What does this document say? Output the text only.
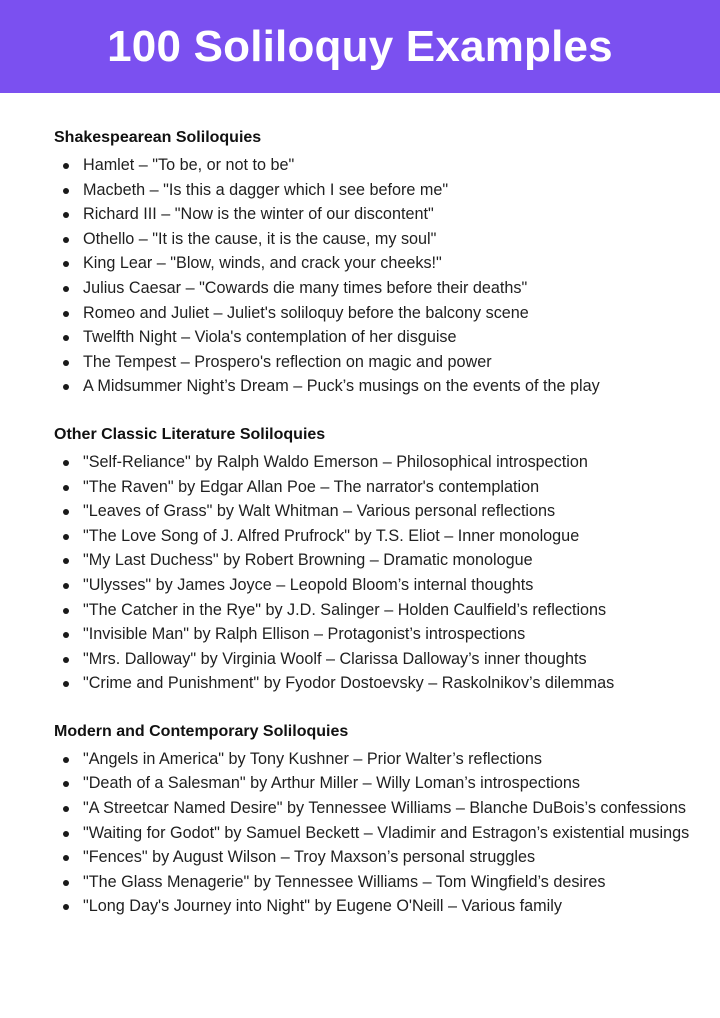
100 Soliloquy Examples
Shakespearean Soliloquies
Hamlet – "To be, or not to be"
Macbeth – "Is this a dagger which I see before me"
Richard III – "Now is the winter of our discontent"
Othello – "It is the cause, it is the cause, my soul"
King Lear – "Blow, winds, and crack your cheeks!"
Julius Caesar – "Cowards die many times before their deaths"
Romeo and Juliet – Juliet's soliloquy before the balcony scene
Twelfth Night – Viola's contemplation of her disguise
The Tempest – Prospero's reflection on magic and power
A Midsummer Night’s Dream – Puck’s musings on the events of the play
Other Classic Literature Soliloquies
"Self-Reliance" by Ralph Waldo Emerson – Philosophical introspection
"The Raven" by Edgar Allan Poe – The narrator's contemplation
"Leaves of Grass" by Walt Whitman – Various personal reflections
"The Love Song of J. Alfred Prufrock" by T.S. Eliot – Inner monologue
"My Last Duchess" by Robert Browning – Dramatic monologue
"Ulysses" by James Joyce – Leopold Bloom’s internal thoughts
"The Catcher in the Rye" by J.D. Salinger – Holden Caulfield’s reflections
"Invisible Man" by Ralph Ellison – Protagonist’s introspections
"Mrs. Dalloway" by Virginia Woolf – Clarissa Dalloway’s inner thoughts
"Crime and Punishment" by Fyodor Dostoevsky – Raskolnikov’s dilemmas
Modern and Contemporary Soliloquies
"Angels in America" by Tony Kushner – Prior Walter’s reflections
"Death of a Salesman" by Arthur Miller – Willy Loman’s introspections
"A Streetcar Named Desire" by Tennessee Williams – Blanche DuBois’s confessions
"Waiting for Godot" by Samuel Beckett – Vladimir and Estragon’s existential musings
"Fences" by August Wilson – Troy Maxson’s personal struggles
"The Glass Menagerie" by Tennessee Williams – Tom Wingfield’s desires
"Long Day's Journey into Night" by Eugene O'Neill – Various family
